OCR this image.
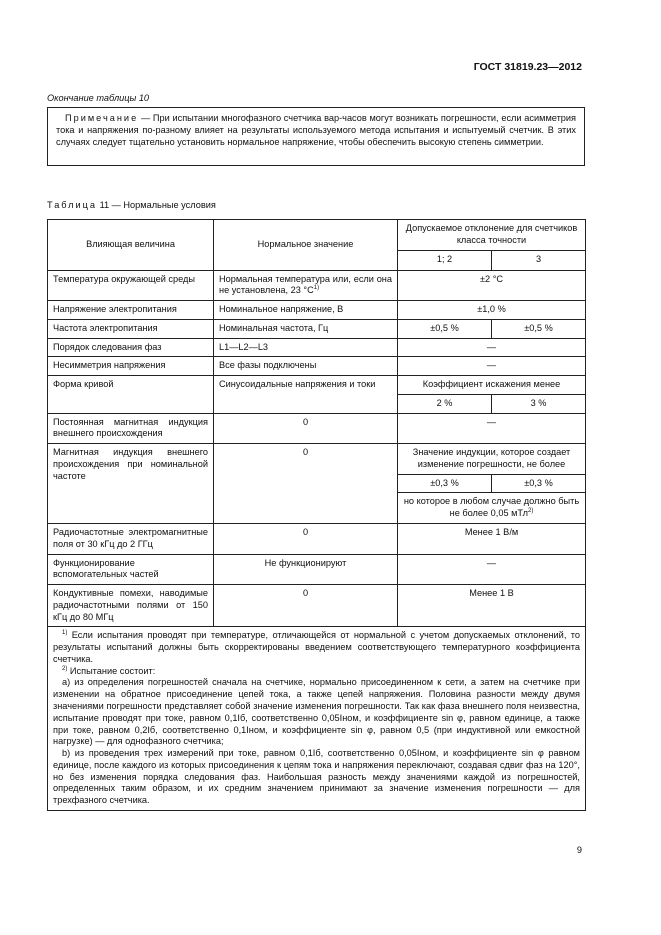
ГОСТ 31819.23—2012
Окончание таблицы 10

Примечание — При испытании многофазного счетчика вар-часов могут возникать погрешности, если асимметрия тока и напряжения по-разному влияет на результаты используемого метода испытания и испытуемый счетчик. В этих случаях следует тщательно установить нормальное напряжение, чтобы обеспечить высокую степень симметрии.

Таблица 11 — Нормальные условия
Влияющая величина	Нормальное значение	Допускаемое отклонение для счетчиков класса точности	
		1; 2	3
Температура окружающей среды	Нормальная температура или, если она не установлена, 23 $^\circ C^{1)}$	±2 °C	
Напряжение электропитания	Номинальное напряжение, В	±1,0 %	
Частота электропитания	Номинальная частота, Гц	±0,5 %	±0,5 %
Порядок следования фаз	L1—L2—L3	—	
Несимметрия напряжения	Все фазы подключены	—	
Форма кривой	Синусоидальные напряжения и токи	Коэффициент искажения менее
2 % 3 %	

Постоянная магнитная индукция внешнего происхождения	0	—	
Магнитная индукция внешнего происхождения при номинальной частоте	0	Значение индукции, которое создает изменение погрешности, не более
±0,3 % ±0,3 %
но которое в любом случае должно быть не более 0,05 мТл$^{2)}$

Радиочастотные электромагнитные поля от 30 кГц до 2 ГГц	0	Менее 1 В/м	
Функционирование вспомогательных частей	Не функционируют	—	
Кондуктивные помехи, наводимые радиочастотными полями от 150 кГц до 80 МГц	0	Менее 1 В	

$^{1)}$ Если испытания проводят при температуре, отличающейся от нормальной с учетом допускаемых отклонений, то результаты испытаний должны быть скорректированы введением соответствующего температурного коэффициента счетчика.

$^{2)}$ Испытание состоит:

a) из определения погрешностей сначала на счетчике, нормально присоединенном к сети, а затем на счетчике при изменении на обратное присоединение цепей тока, а также цепей напряжения. Половина разности между двумя значениями погрешности представляет собой значение изменения погрешности. Так как фаза внешнего поля неизвестна, испытание проводят при токе, равном 0,1Iб, соответственно 0,05Iном, и коэффициенте sin φ, равном единице, а также при токе, равном 0,2Iб, соответственно 0,1Iном, и коэффициенте sin φ, равном 0,5 (при индуктивной или емкостной нагрузке) — для однофазного счетчика;

b) из проведения трех измерений при токе, равном 0,1Iб, соответственно 0,05Iном, и коэффициенте sin φ равном единице, после каждого из которых присоединения к цепям тока и напряжения переключают, создавая сдвиг фаз на 120°, но без изменения порядка следования фаз. Наибольшая разность между значениями каждой из погрешностей, определенных таким образом, и их средним значением принимают за значение изменения погрешности — для трехфазного счетчика.			

9
